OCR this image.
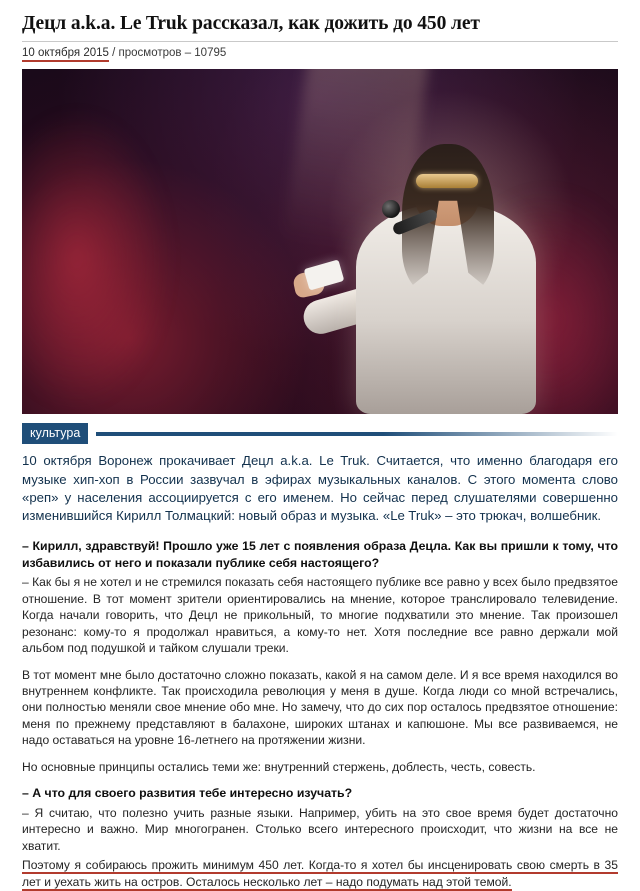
Децл a.k.a. Le Truk рассказал, как дожить до 450 лет
10 октября 2015 / просмотров – 10795
культура

10 октября Воронеж прокачивает Децл a.k.a. Le Truk. Считается, что именно благодаря его музыке хип-хоп в России зазвучал в эфирах музыкальных каналов. С этого момента слово «реп» у населения ассоциируется с его именем. Но сейчас перед слушателями совершенно изменившийся Кирилл Толмацкий: новый образ и музыка. «Le Truk» – это трюкач, волшебник.

– Кирилл, здравствуй! Прошло уже 15 лет с появления образа Децла. Как вы пришли к тому, что избавились от него и показали публике себя настоящего?

– Как бы я не хотел и не стремился показать себя настоящего публике все равно у всех было предвзятое отношение. В тот момент зрители ориентировались на мнение, которое транслировало телевидение. Когда начали говорить, что Децл не прикольный, то многие подхватили это мнение. Так произошел резонанс: кому-то я продолжал нравиться, а кому-то нет. Хотя последние все равно держали мой альбом под подушкой и тайком слушали треки.

В тот момент мне было достаточно сложно показать, какой я на самом деле. И я все время находился во внутреннем конфликте. Так происходила революция у меня в душе. Когда люди со мной встречались, они полностью меняли свое мнение обо мне. Но замечу, что до сих пор осталось предвзятое отношение: меня по прежнему представляют в балахоне, широких штанах и капюшоне. Мы все развиваемся, не надо оставаться на уровне 16-летнего на протяжении жизни.

Но основные принципы остались теми же: внутренний стержень, доблесть, честь, совесть.

– А что для своего развития тебе интересно изучать?

– Я считаю, что полезно учить разные языки. Например, убить на это свое время будет достаточно интересно и важно. Мир многогранен. Столько всего интересного происходит, что жизни на все не хватит.

Поэтому я собираюсь прожить минимум 450 лет. Когда-то я хотел бы инсценировать свою смерть в 35 лет и уехать жить на остров. Осталось несколько лет – надо подумать над этой темой.
